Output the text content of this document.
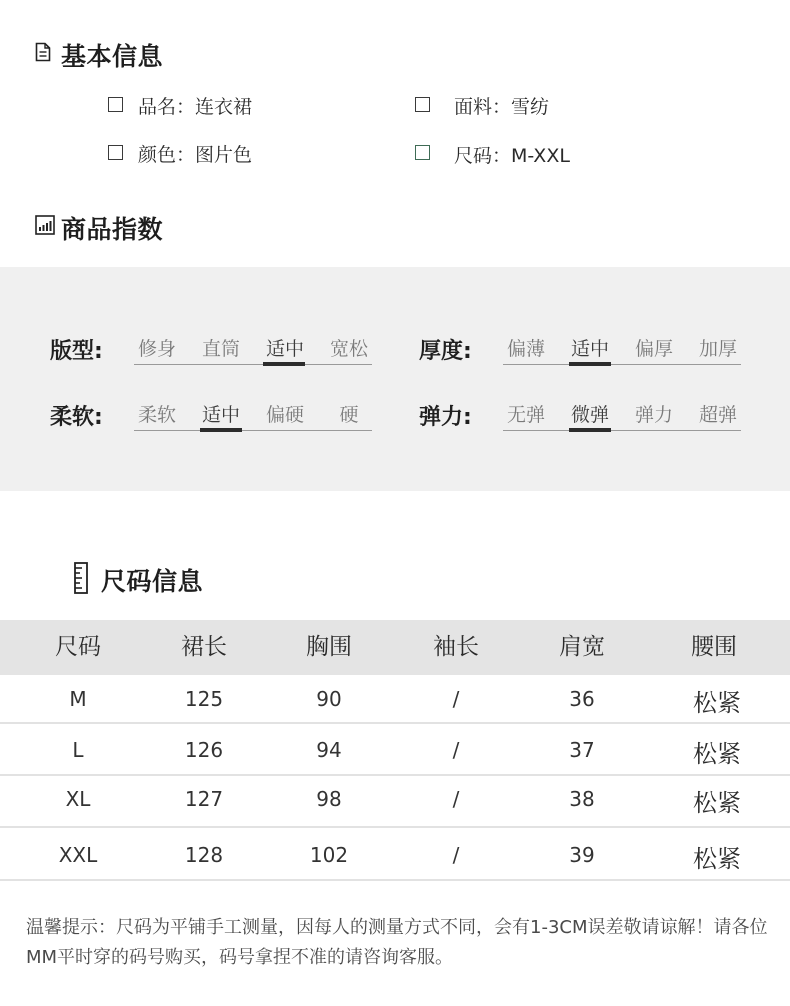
基本信息
品名：连衣裙	面料：雪纺
颜色：图片色	尺码：M-XXL
商品指数
版型: 修身 直筒 适中 宽松 厚度: 偏薄 适中 偏厚 加厚
柔软: 柔软 适中 偏硬	硬	弹力: 无弹 微弹 弹力 超弹
尺码信息
尺码	裙长	胸围	袖长	肩宽	腰围
M	125	90	/	36	松紧
L	126	94	/	37	松紧
XL	127	98	/	38	松紧
XXL	128	102	/	39	松紧
温馨提示：尺码为平铺手工测量，因每人的测量方式不同，会有1-3CM误差敬请谅解！请各位MM平时穿的码号购买，码号拿捏不准的请咨询客服。
